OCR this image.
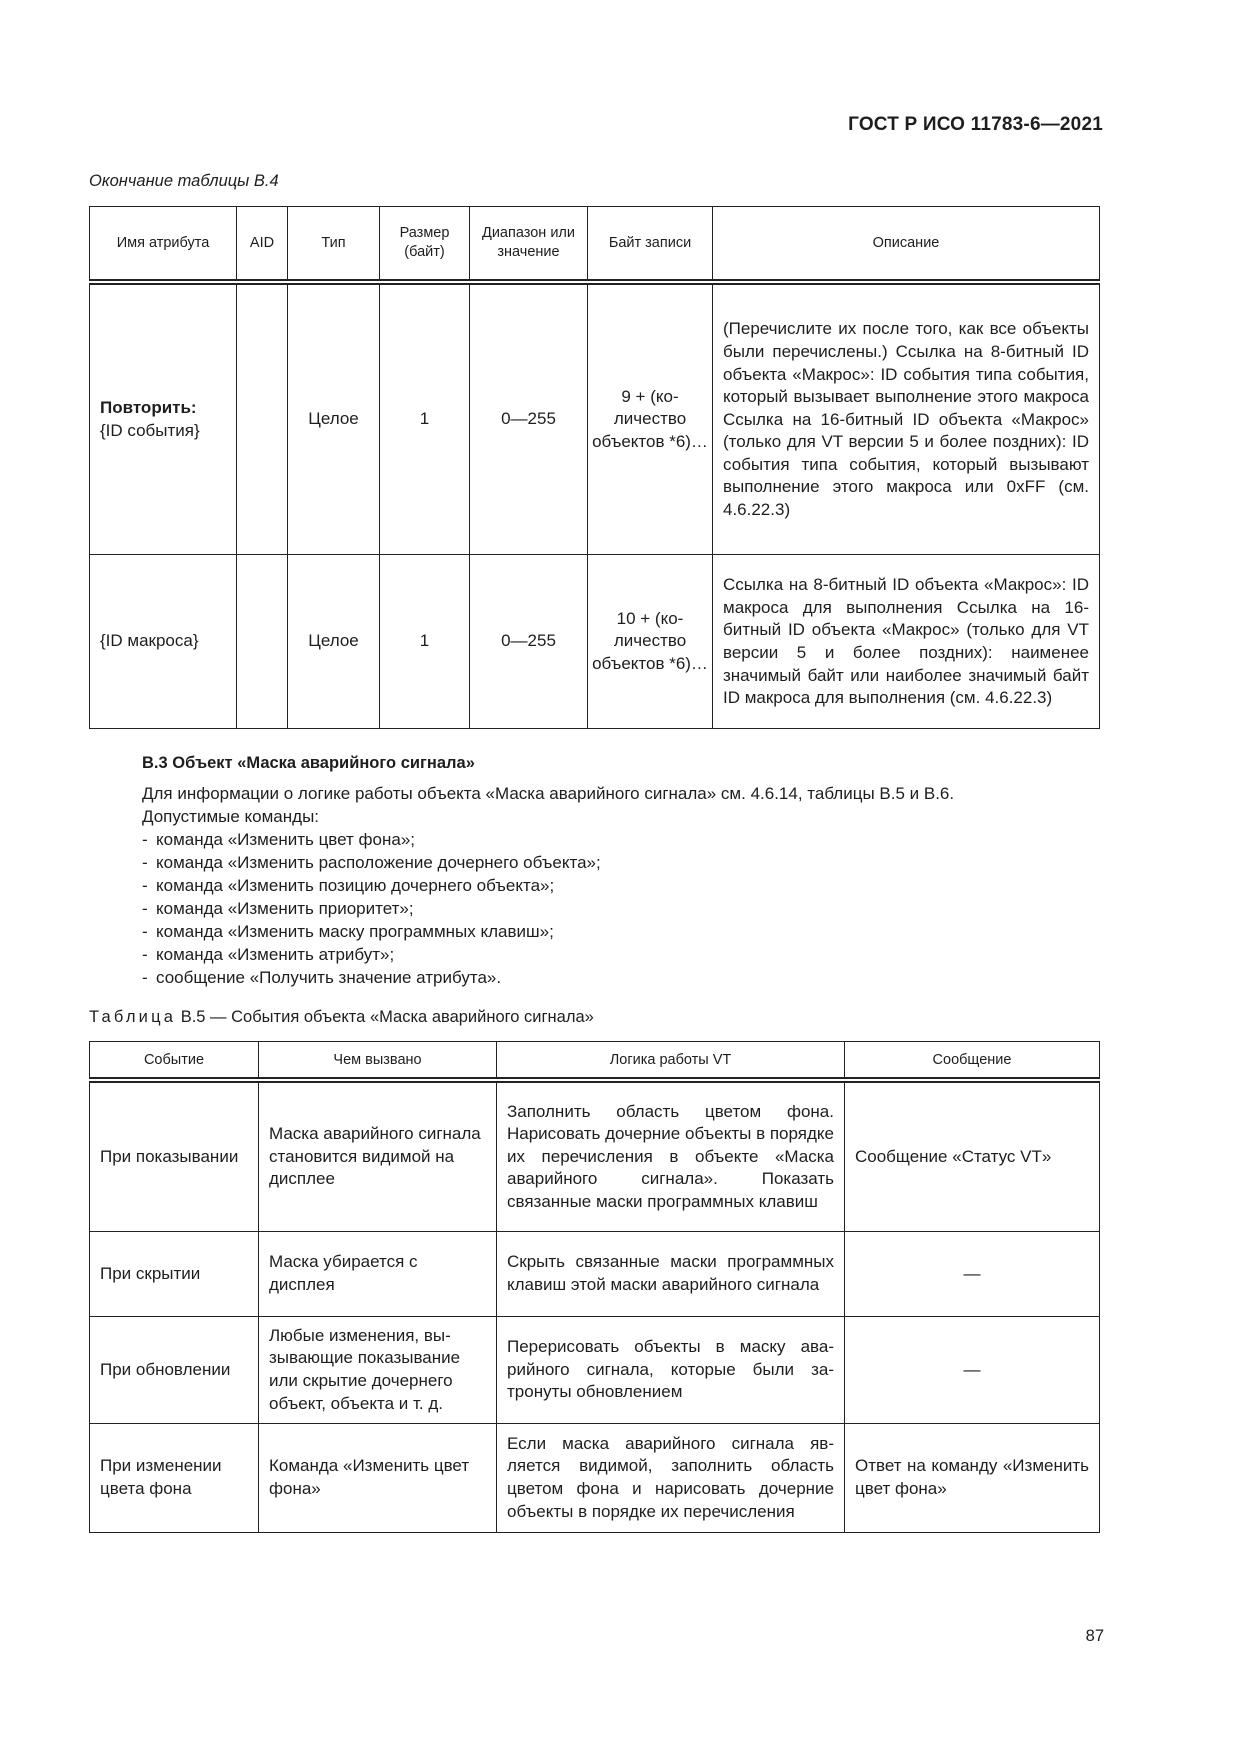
ГОСТ Р ИСО 11783-6—2021
Окончание таблицы В.4
Имя атрибута	AID	Тип	Размер (байт)	Диапазон или значение	Байт записи	Описание
Повторить:
{ID события}		Целое	1	0—255	9 + (количество объектов *6)…	(Перечислите их после того, как все объекты были перечислены.) Ссылка на 8-битный ID объекта «Макрос»: ID события типа события, который вызывает выполнение этого макроса Ссылка на 16-битный ID объекта «Макрос» (только для VT версии 5 и более поздних): ID события типа события, который вызывают выполнение этого макроса или 0xFF (см. 4.6.22.3)
{ID макроса}		Целое	1	0—255	10 + (количество объектов *6)…	Ссылка на 8-битный ID объекта «Макрос»: ID макроса для выполнения Ссылка на 16-битный ID объекта «Макрос» (только для VT версии 5 и более поздних): наименее значимый байт или наиболее значимый байт ID макроса для выполнения (см. 4.6.22.3)
В.3 Объект «Маска аварийного сигнала»

Для информации о логике работы объекта «Маска аварийного сигнала» см. 4.6.14, таблицы В.5 и В.6.

Допустимые команды:

- команда «Изменить цвет фона»;
- команда «Изменить расположение дочернего объекта»;
- команда «Изменить позицию дочернего объекта»;
- команда «Изменить приоритет»;
- команда «Изменить маску программных клавиш»;
- команда «Изменить атрибут»;
- сообщение «Получить значение атрибута».
Таблица В.5 — События объекта «Маска аварийного сигнала»
Событие	Чем вызвано	Логика работы VT	Сообщение
При показывании	Маска аварийного сигнала становится видимой на дисплее	Заполнить область цветом фона. Нарисовать дочерние объекты в порядке их перечисления в объекте «Маска аварийного сигнала». Показать связанные маски программных клавиш	Сообщение «Статус VT»
При скрытии	Маска убирается с дисплея	Скрыть связанные маски программных клавиш этой маски аварийного сигнала	—
При обновлении	Любые изменения, вызывающие показывание или скрытие дочернего объект, объекта и т. д.	Перерисовать объекты в маску аварийного сигнала, которые были затронуты обновлением	—
При изменении цвета фона	Команда «Изменить цвет фона»	Если маска аварийного сигнала является видимой, заполнить область цветом фона и нарисовать дочерние объекты в порядке их перечисления	Ответ на команду «Изменить цвет фона»
87
